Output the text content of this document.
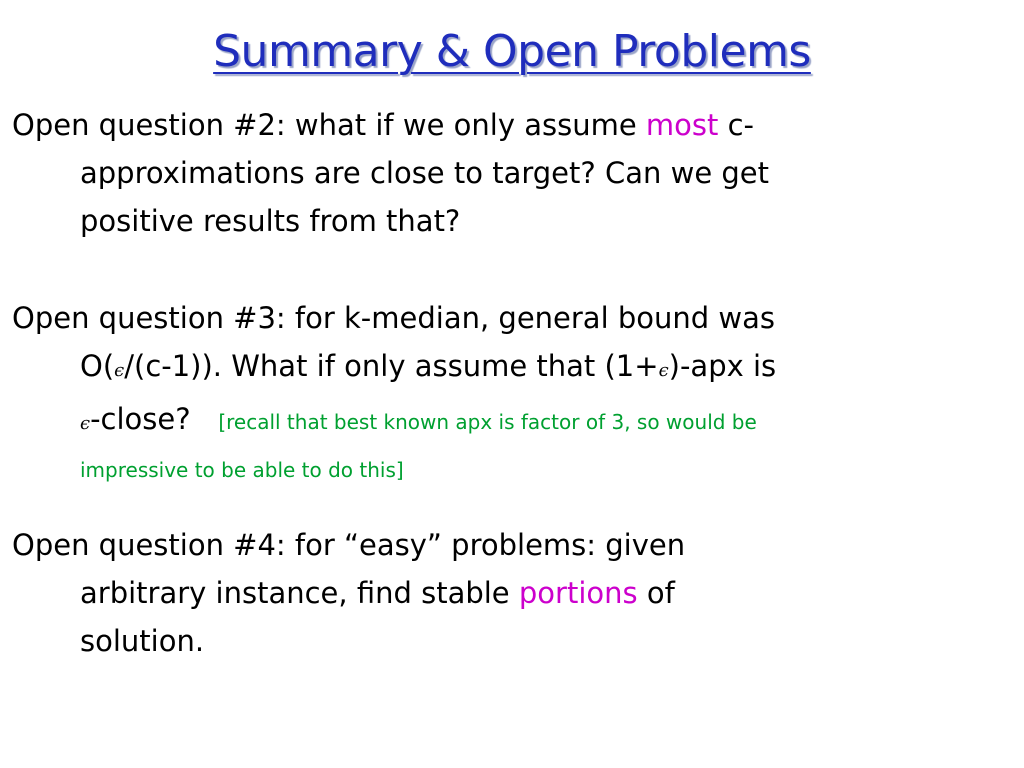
Summary & Open Problems
Open question #2: what if we only assume most c-
approximations are close to target? Can we get
positive results from that?
Open question #3: for k-median, general bound was
O(ϵ/(c-1)). What if only assume that (1+ϵ)-apx is
ϵ-close? [recall that best known apx is factor of 3, so would be
impressive to be able to do this]
Open question #4: for “easy” problems: given
arbitrary instance, find stable portions of
solution.
